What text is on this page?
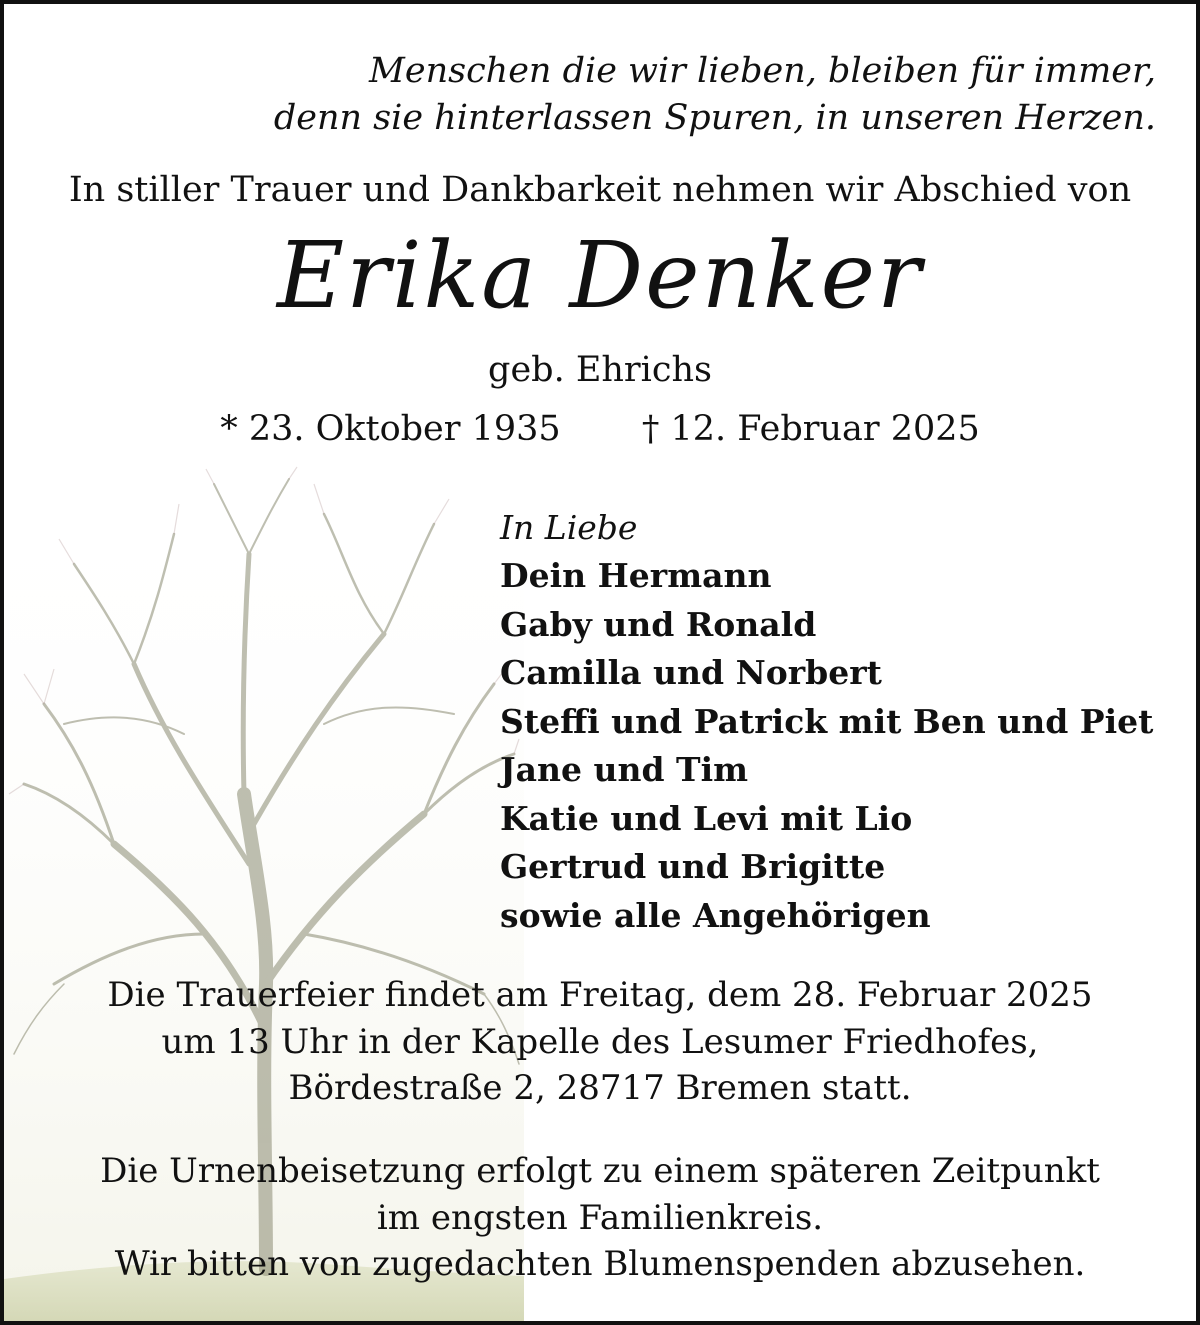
Menschen die wir lieben, bleiben für immer,
denn sie hinterlassen Spuren, in unseren Herzen.
In stiller Trauer und Dankbarkeit nehmen wir Abschied von
Erika Denker
geb. Ehrichs
* 23. Oktober 1935 † 12. Februar 2025
In Liebe
Dein Hermann
Gaby und Ronald
Camilla und Norbert
Steffi und Patrick mit Ben und Piet
Jane und Tim
Katie und Levi mit Lio
Gertrud und Brigitte
sowie alle Angehörigen
Die Trauerfeier findet am Freitag, dem 28. Februar 2025
um 13 Uhr in der Kapelle des Lesumer Friedhofes,
Bördestraße 2, 28717 Bremen statt.
Die Urnenbeisetzung erfolgt zu einem späteren Zeitpunkt
im engsten Familienkreis.
Wir bitten von zugedachten Blumenspenden abzusehen.
